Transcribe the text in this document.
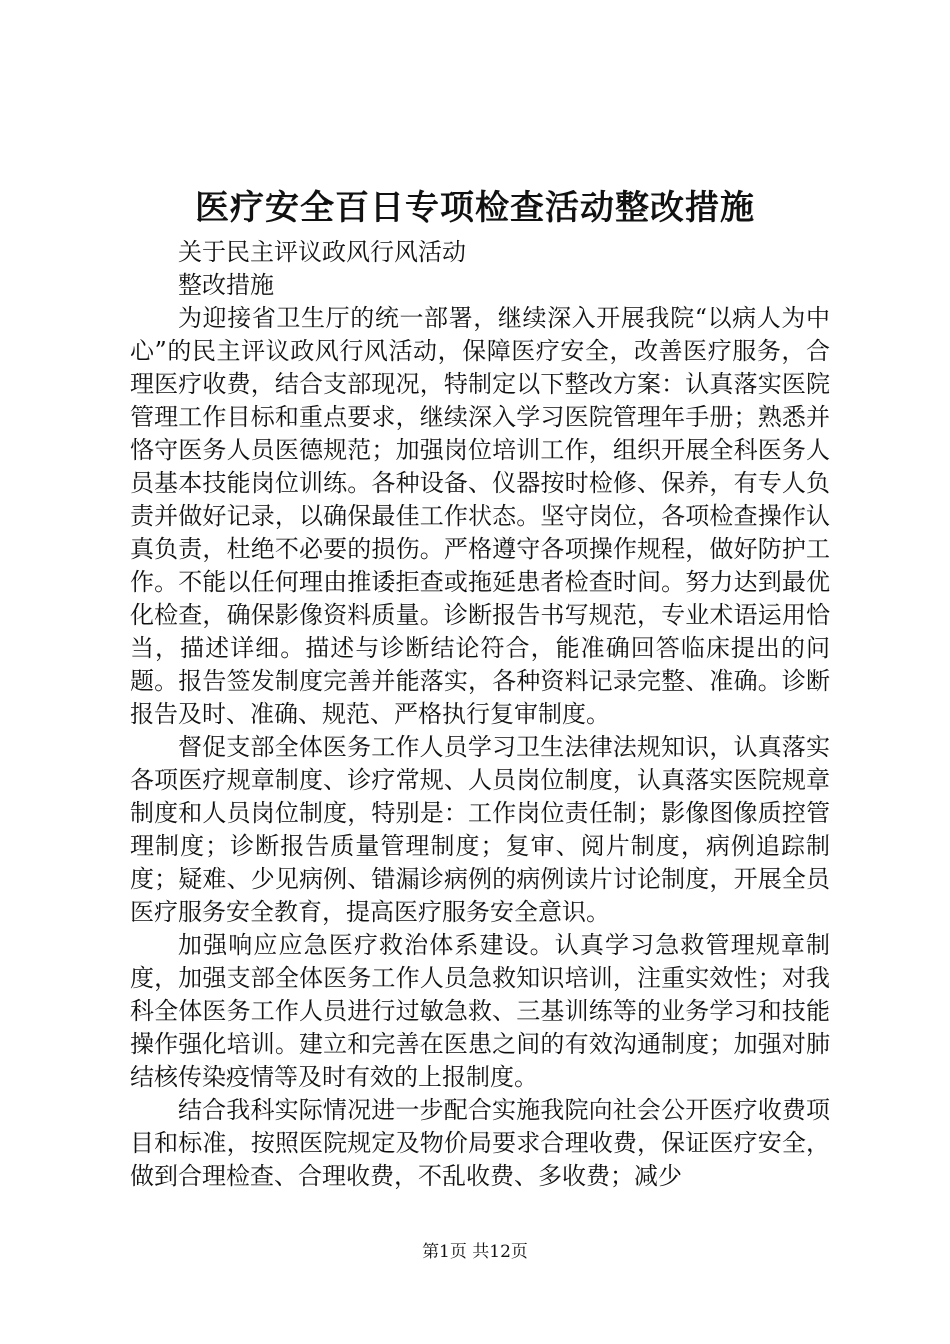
医疗安全百日专项检查活动整改措施

关于民主评议政风行风活动

整改措施

为迎接省卫生厅的统一部署，继续深入开展我院“以病人为中心”的民主评议政风行风活动，保障医疗安全，改善医疗服务，合理医疗收费，结合支部现况，特制定以下整改方案：认真落实医院管理工作目标和重点要求，继续深入学习医院管理年手册；熟悉并恪守医务人员医德规范；加强岗位培训工作，组织开展全科医务人员基本技能岗位训练。各种设备、仪器按时检修、保养，有专人负责并做好记录，以确保最佳工作状态。坚守岗位，各项检查操作认真负责，杜绝不必要的损伤。严格遵守各项操作规程，做好防护工作。不能以任何理由推诿拒查或拖延患者检查时间。努力达到最优化检查，确保影像资料质量。诊断报告书写规范，专业术语运用恰当，描述详细。描述与诊断结论符合，能准确回答临床提出的问题。报告签发制度完善并能落实，各种资料记录完整、准确。诊断报告及时、准确、规范、严格执行复审制度。

督促支部全体医务工作人员学习卫生法律法规知识，认真落实各项医疗规章制度、诊疗常规、人员岗位制度，认真落实医院规章制度和人员岗位制度，特别是：工作岗位责任制；影像图像质控管理制度；诊断报告质量管理制度；复审、阅片制度，病例追踪制度；疑难、少见病例、错漏诊病例的病例读片讨论制度，开展全员医疗服务安全教育，提高医疗服务安全意识。

加强响应应急医疗救治体系建设。认真学习急救管理规章制度，加强支部全体医务工作人员急救知识培训，注重实效性；对我科全体医务工作人员进行过敏急救、三基训练等的业务学习和技能操作强化培训。建立和完善在医患之间的有效沟通制度；加强对肺结核传染疫情等及时有效的上报制度。

结合我科实际情况进一步配合实施我院向社会公开医疗收费项目和标准，按照医院规定及物价局要求合理收费，保证医疗安全，做到合理检查、合理收费，不乱收费、多收费；减少

第1页 共12页
